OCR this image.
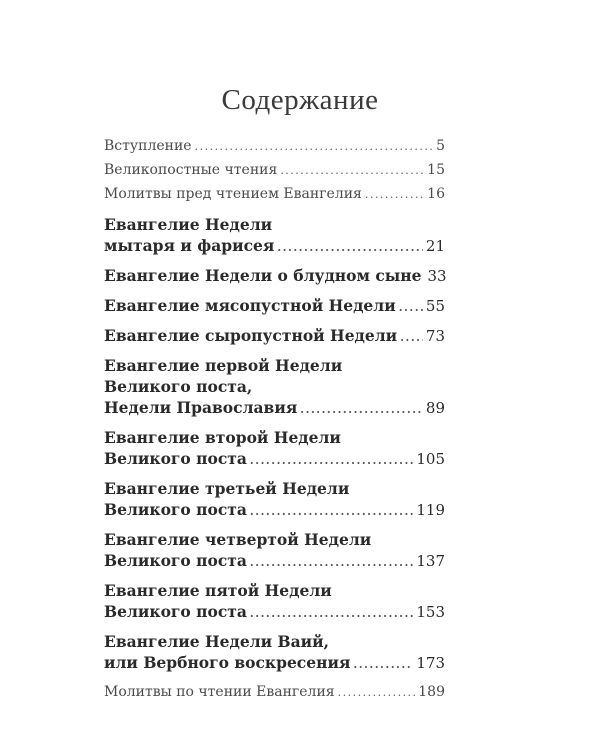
Содержание
Вступление .....	5
Великопостные чтения .....	15
Молитвы пред чтением Евангелия .....	16
Евангелие Недели
мытаря и фарисея .....	21
Евангелие Недели о блудном сыне 33
Евангелие мясопустной Недели ..... 55
Евангелие сыропустной Недели ..... 73
Евангелие первой Недели
Великого поста,
Недели Православия .....	89
Евангелие второй Недели
Великого поста .....	105
Евангелие третьей Недели
Великого поста .....	119
Евангелие четвертой Недели
Великого поста .....	137
Евангелие пятой Недели
Великого поста .....	153
Евангелие Недели Ваий,
или Вербного воскресения .....	173
Молитвы по чтении Евангелия .....	189
